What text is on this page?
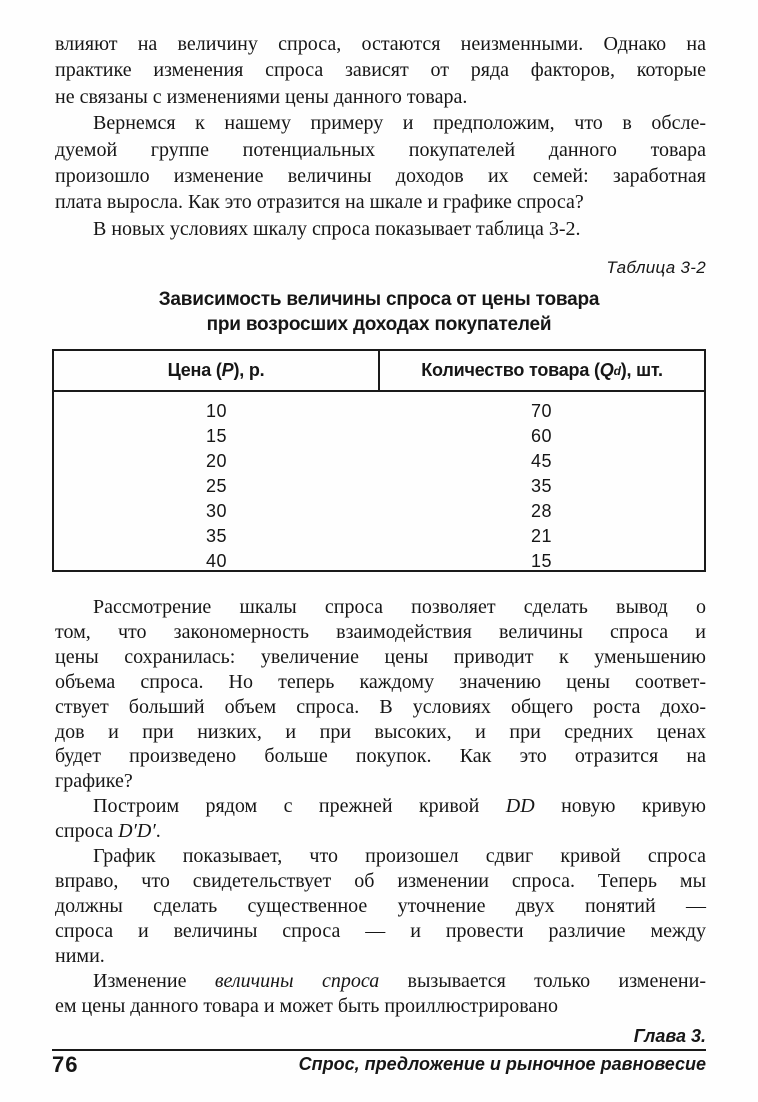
влияют на величину спроса, остаются неизменными. Однако на
практике изменения спроса зависят от ряда факторов, которые
не связаны с изменениями цены данного товара.
Вернемся к нашему примеру и предположим, что в обсле-
дуемой группе потенциальных покупателей данного товара
произошло изменение величины доходов их семей: заработная
плата выросла. Как это отразится на шкале и графике спроса?
В новых условиях шкалу спроса показывает таблица 3-2.
Таблица 3-2
Зависимость величины спроса от цены товара
при возросших доходах покупателей
Цена ( P ), р.	Количество товара ( Q d ), шт.
10	70
15	60
20	45
25	35
30	28
35	21
40	15
Рассмотрение шкалы спроса позволяет сделать вывод о
том, что закономерность взаимодействия величины спроса и
цены сохранилась: увеличение цены приводит к уменьшению
объема спроса. Но теперь каждому значению цены соответ-
ствует больший объем спроса. В условиях общего роста дохо-
дов и при низких, и при высоких, и при средних ценах
будет произведено больше покупок. Как это отразится на
графике?
Построим рядом с прежней кривой DD новую кривую
спроса D′D′.
График показывает, что произошел сдвиг кривой спроса
вправо, что свидетельствует об изменении спроса. Теперь мы
должны сделать существенное уточнение двух понятий —
спроса и величины спроса — и провести различие между
ними.
Изменение величины спроса вызывается только изменени-
ем цены данного товара и может быть проиллюстрировано
Глава 3.
76	Спрос, предложение и рыночное равновесие
